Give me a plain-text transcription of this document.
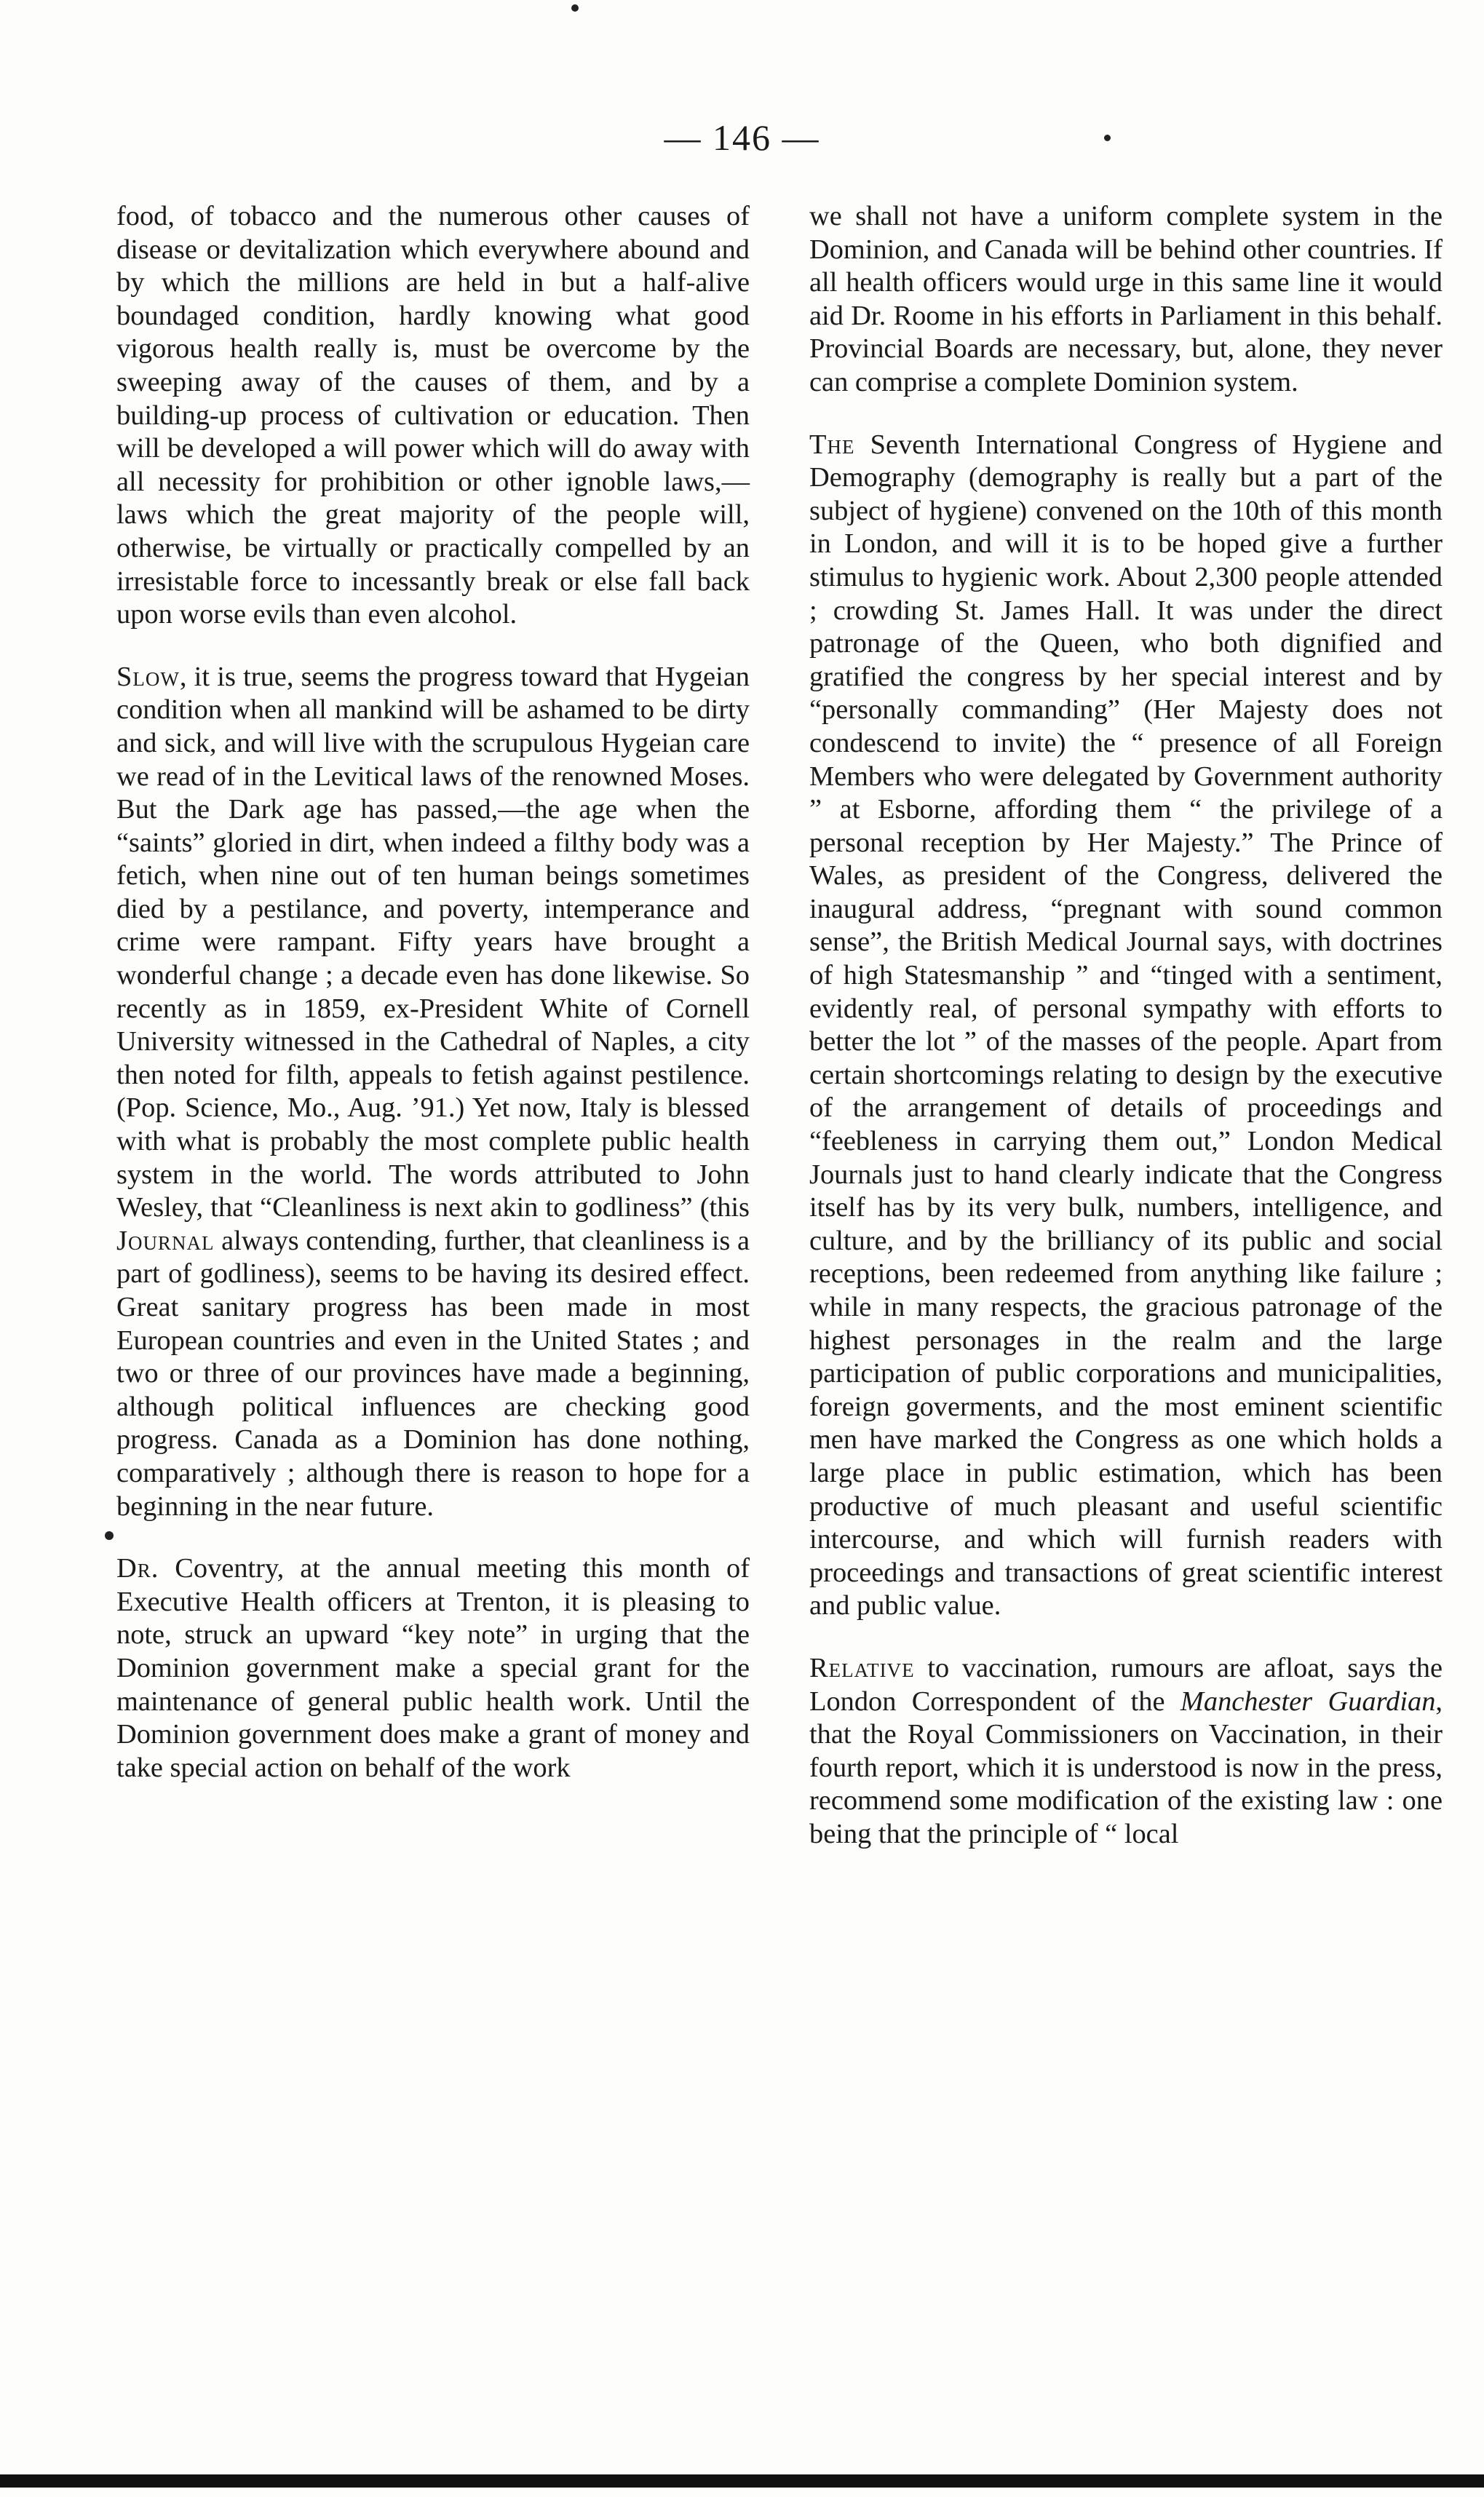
— 146 —

food, of tobacco and the numerous other causes of disease or devitalization which everywhere abound and by which the millions are held in but a half-alive boundaged condition, hardly knowing what good vigorous health really is, must be overcome by the sweeping away of the causes of them, and by a building-up process of cultivation or education. Then will be developed a will power which will do away with all necessity for prohibition or other ignoble laws,—laws which the great majority of the people will, otherwise, be virtually or practically compelled by an irresistable force to incessantly break or else fall back upon worse evils than even alcohol.

Slow, it is true, seems the progress toward that Hygeian condition when all mankind will be ashamed to be dirty and sick, and will live with the scrupulous Hygeian care we read of in the Levitical laws of the renowned Moses. But the Dark age has passed,—the age when the “saints” gloried in dirt, when indeed a filthy body was a fetich, when nine out of ten human beings sometimes died by a pestilance, and poverty, intemperance and crime were rampant. Fifty years have brought a wonderful change ; a decade even has done likewise. So recently as in 1859, ex-President White of Cornell University witnessed in the Cathedral of Naples, a city then noted for filth, appeals to fetish against pestilence. (Pop. Science, Mo., Aug. ’91.) Yet now, Italy is blessed with what is probably the most complete public health system in the world. The words attributed to John Wesley, that “Cleanliness is next akin to godliness” (this Journal always contending, further, that cleanliness is a part of godliness), seems to be having its desired effect. Great sanitary progress has been made in most European countries and even in the United States ; and two or three of our provinces have made a beginning, although political influences are checking good progress. Canada as a Dominion has done nothing, comparatively ; although there is reason to hope for a beginning in the near future.

Dr. Coventry, at the annual meeting this month of Executive Health officers at Trenton, it is pleasing to note, struck an upward “key note” in urging that the Dominion government make a special grant for the maintenance of general public health work. Until the Dominion government does make a grant of money and take special action on behalf of the work

we shall not have a uniform complete system in the Dominion, and Canada will be behind other countries. If all health officers would urge in this same line it would aid Dr. Roome in his efforts in Parliament in this behalf. Provincial Boards are necessary, but, alone, they never can comprise a complete Dominion system.

The Seventh International Congress of Hygiene and Demography (demography is really but a part of the subject of hygiene) convened on the 10th of this month in London, and will it is to be hoped give a further stimulus to hygienic work. About 2,300 people attended ; crowding St. James Hall. It was under the direct patronage of the Queen, who both dignified and gratified the congress by her special interest and by “personally commanding” (Her Majesty does not condescend to invite) the “ presence of all Foreign Members who were delegated by Government authority ” at Esborne, affording them “ the privilege of a personal reception by Her Majesty.” The Prince of Wales, as president of the Congress, delivered the inaugural address, “pregnant with sound common sense”, the British Medical Journal says, with doctrines of high Statesmanship ” and “tinged with a sentiment, evidently real, of personal sympathy with efforts to better the lot ” of the masses of the people. Apart from certain shortcomings relating to design by the executive of the arrangement of details of proceedings and “feebleness in carrying them out,” London Medical Journals just to hand clearly indicate that the Congress itself has by its very bulk, numbers, intelligence, and culture, and by the brilliancy of its public and social receptions, been redeemed from anything like failure ; while in many respects, the gracious patronage of the highest personages in the realm and the large participation of public corporations and municipalities, foreign goverments, and the most eminent scientific men have marked the Congress as one which holds a large place in public estimation, which has been productive of much pleasant and useful scientific intercourse, and which will furnish readers with proceedings and transactions of great scientific interest and public value.

Relative to vaccination, rumours are afloat, says the London Correspondent of the Manchester Guardian, that the Royal Commissioners on Vaccination, in their fourth report, which it is understood is now in the press, recommend some modification of the existing law : one being that the principle of “ local
